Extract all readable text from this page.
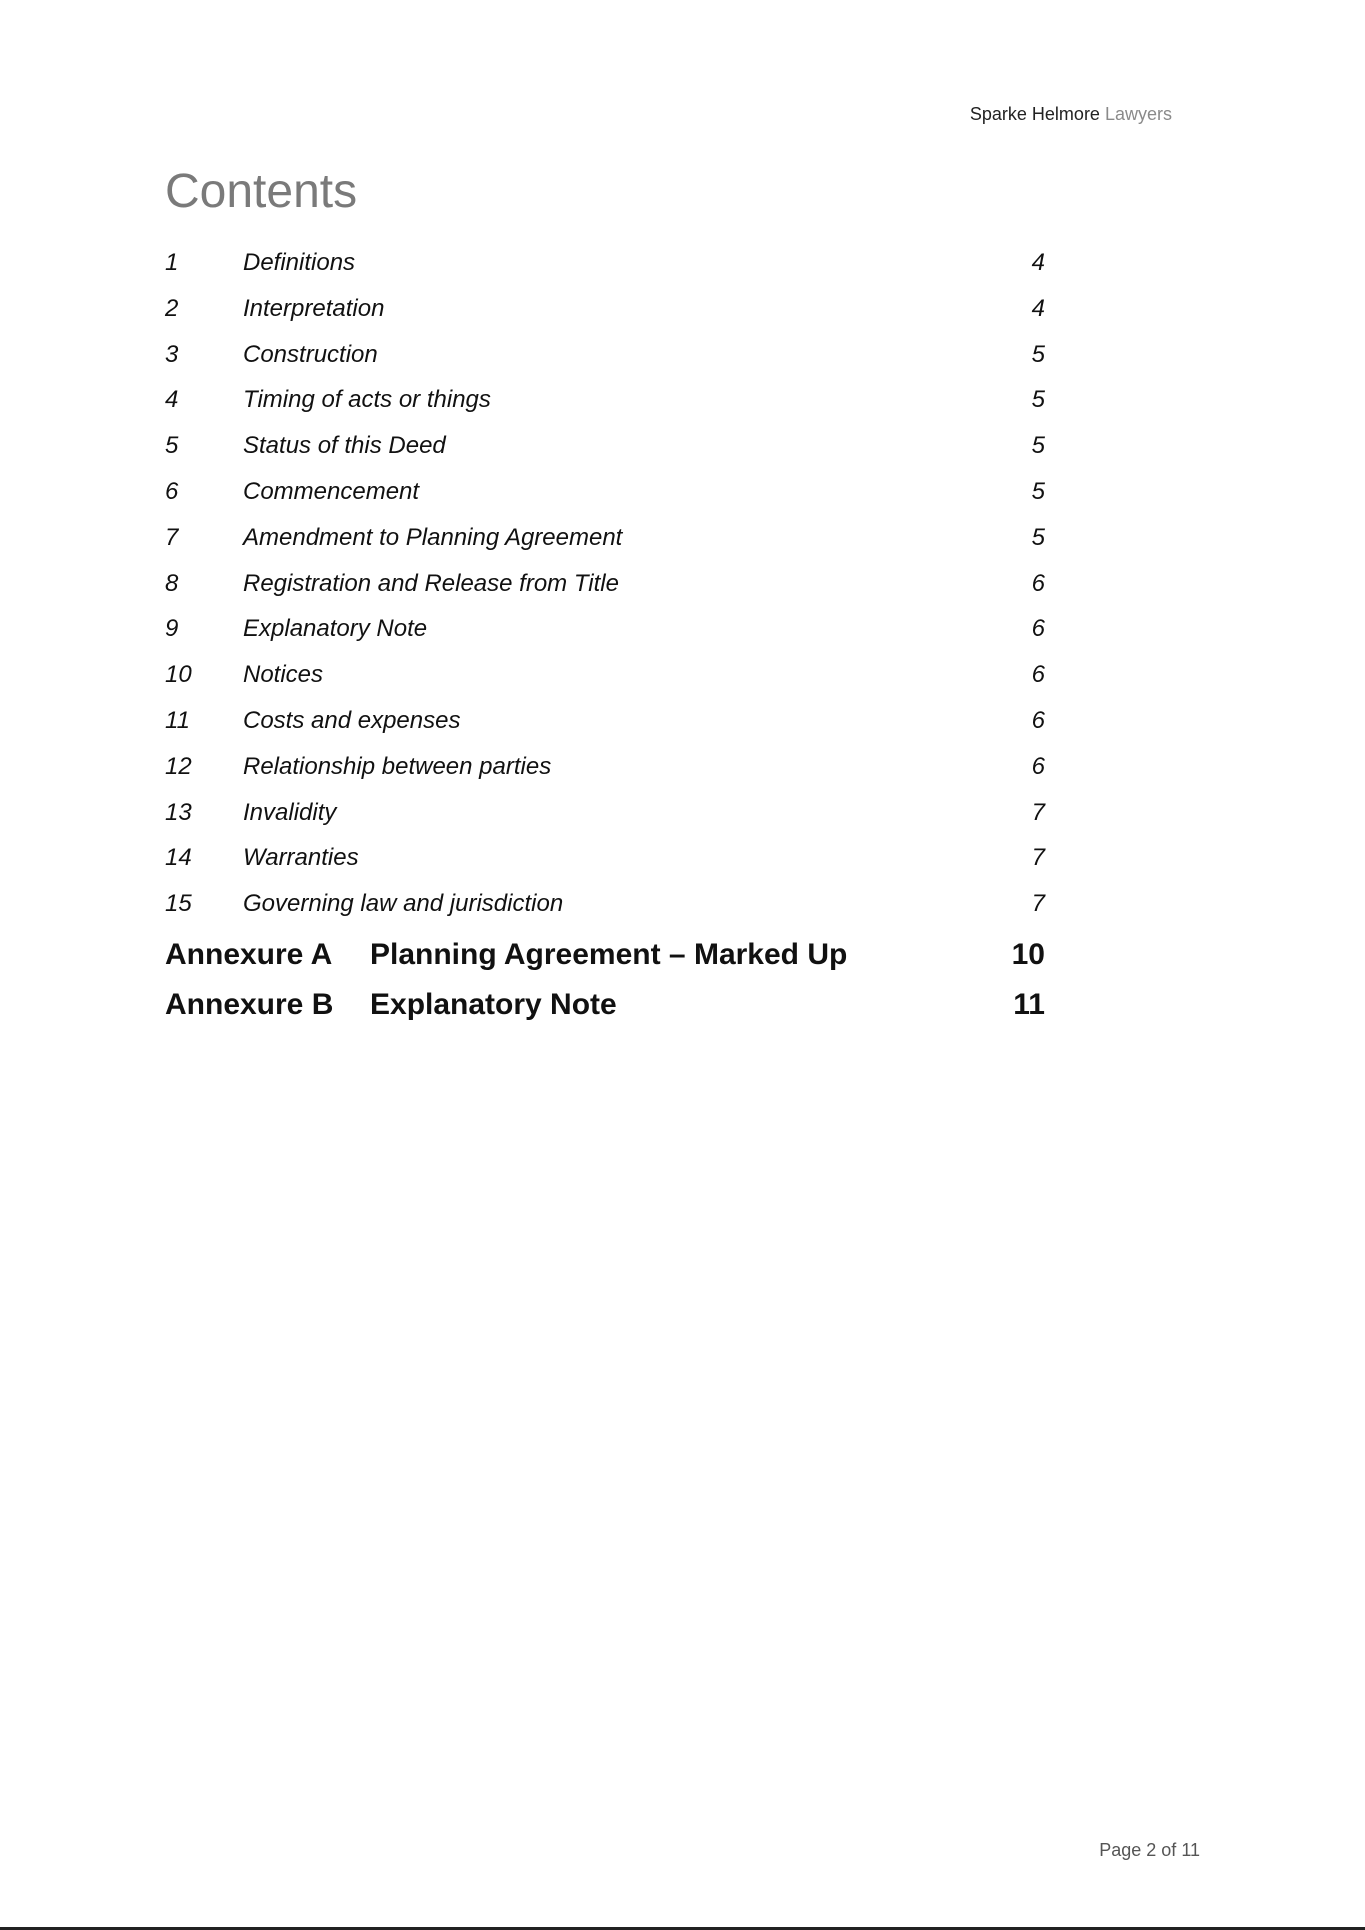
Sparke Helmore Lawyers
Contents
1	Definitions	4
2	Interpretation	4
3	Construction	5
4	Timing of acts or things	5
5	Status of this Deed	5
6	Commencement	5
7	Amendment to Planning Agreement	5
8	Registration and Release from Title	6
9	Explanatory Note	6
10 Notices	6
11 Costs and expenses	6
12 Relationship between parties	6
13 Invalidity	7
14 Warranties	7
15 Governing law and jurisdiction	7
Annexure A Planning Agreement – Marked Up	10
Annexure B Explanatory Note	11
Page 2 of 11
